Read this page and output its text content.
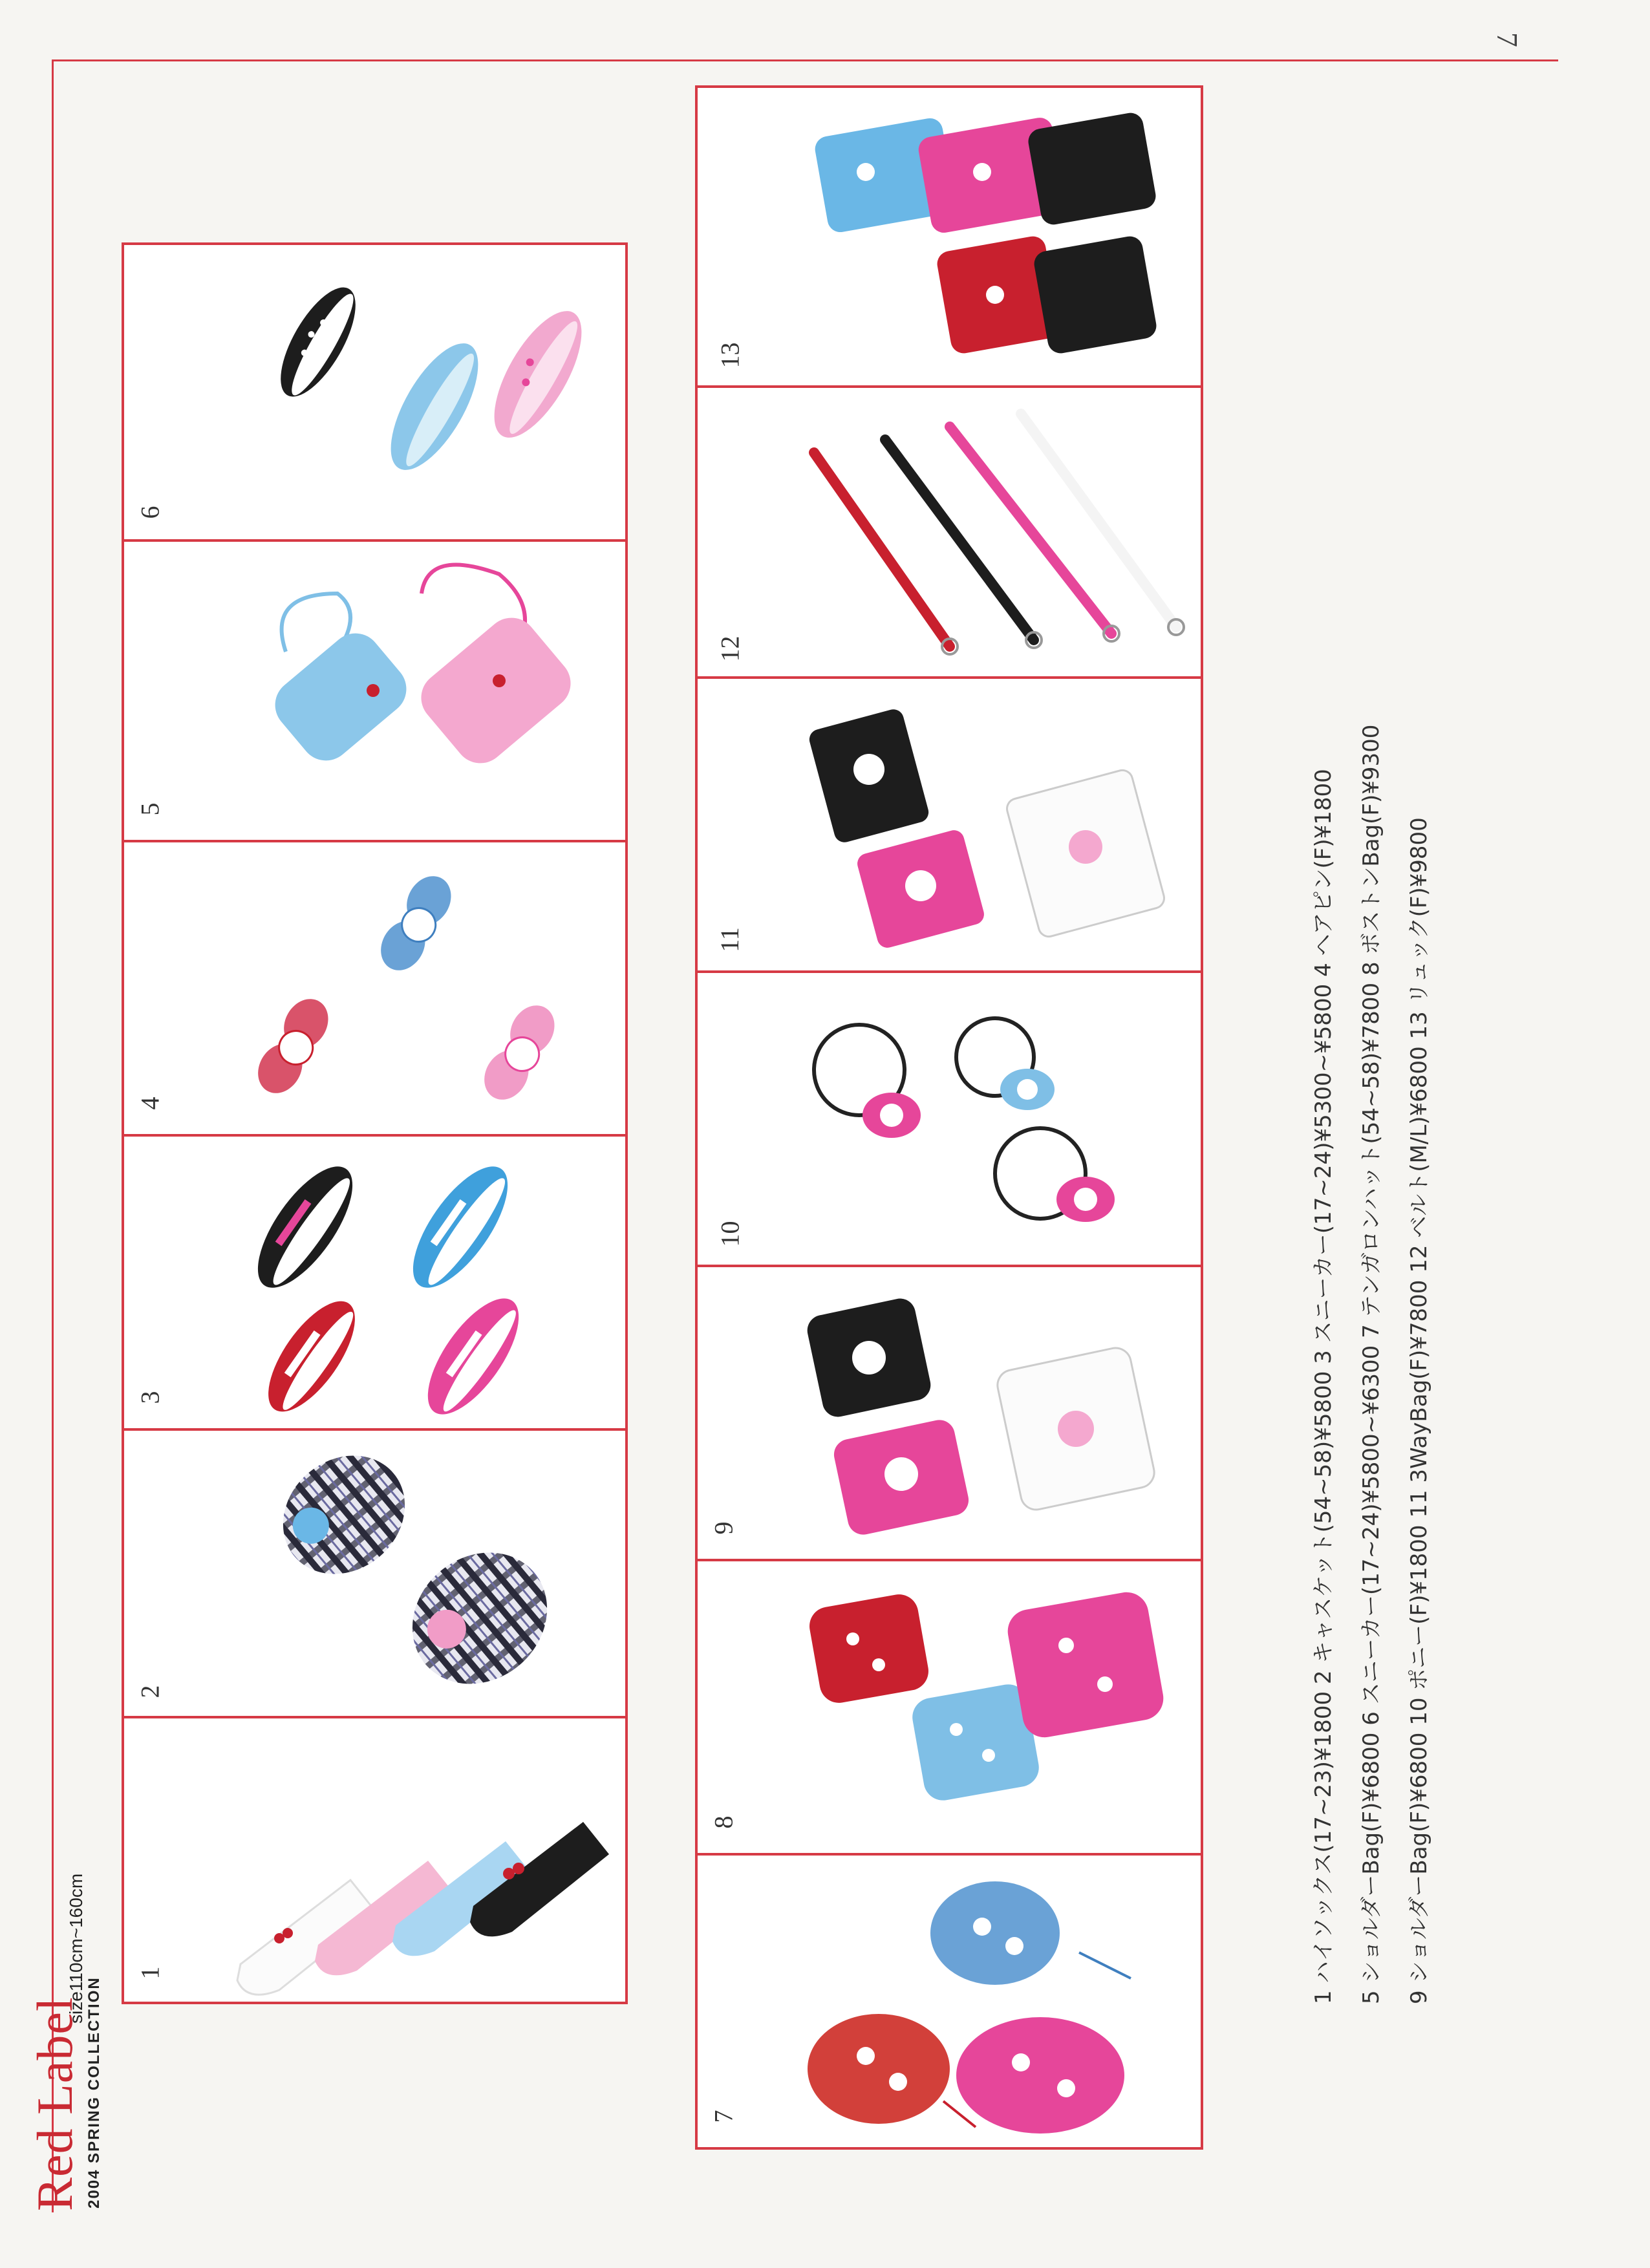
7
Red Label
size110cm~160cm
2004 SPRING COLLECTION
6
5
4
3
2
1
13
12
11
10
9
8
7
1 ハイソックス(17~23)¥1800 2 キャスケット(54~58)¥5800 3 スニーカー(17~24)¥5300~¥5800 4 ヘアピン(F)¥1800	5 ショルダーBag(F)¥6800 6 スニーカー(17~24)¥5800~¥6300 7 テンガロンハット(54~58)¥7800 8 ボストンBag(F)¥9300	9 ショルダーBag(F)¥6800 10 ポニー(F)¥1800 11 3WayBag(F)¥7800 12 ベルト(M/L)¥6800 13 リュック(F)¥9800
